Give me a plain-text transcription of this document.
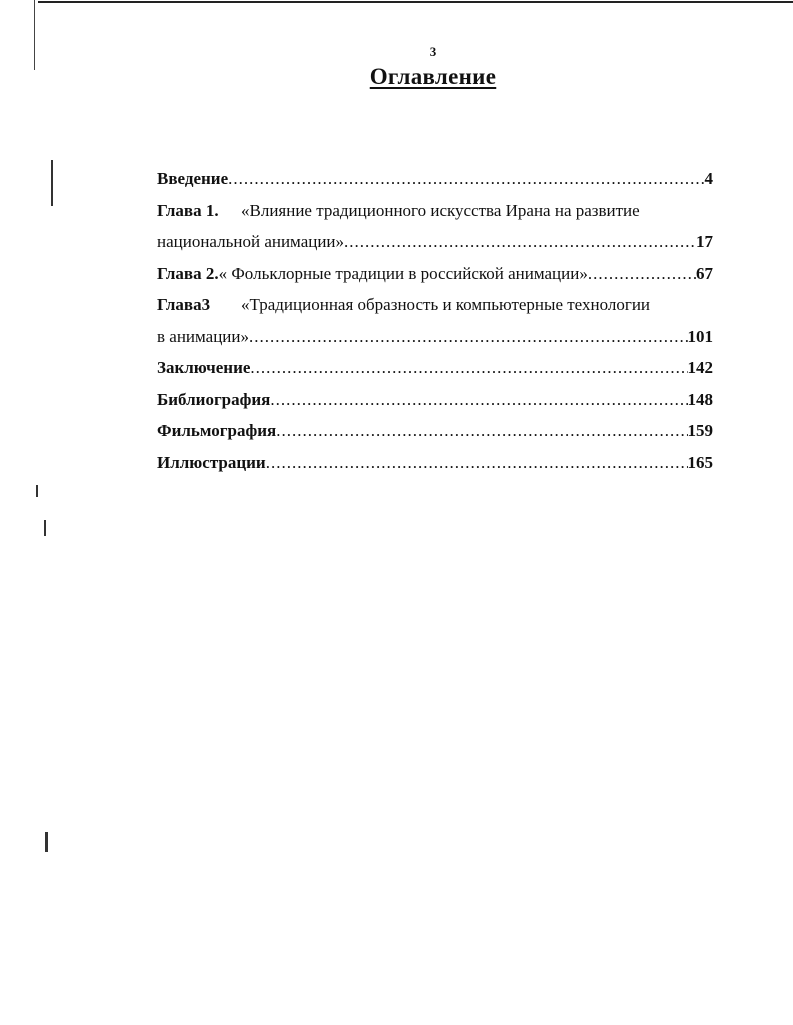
3
Оглавление
Введение .....	4
Глава 1.	«Влияние традиционного искусства Ирана на развитие
национальной анимации» .....	17
Глава 2. « Фольклорные традиции в российской анимации» .....	67
Глава3	«Традиционная образность и компьютерные технологии
в анимации» .....	101
Заключение .....	142
Библиография .....	148
Фильмография .....	159
Иллюстрации .....	165
